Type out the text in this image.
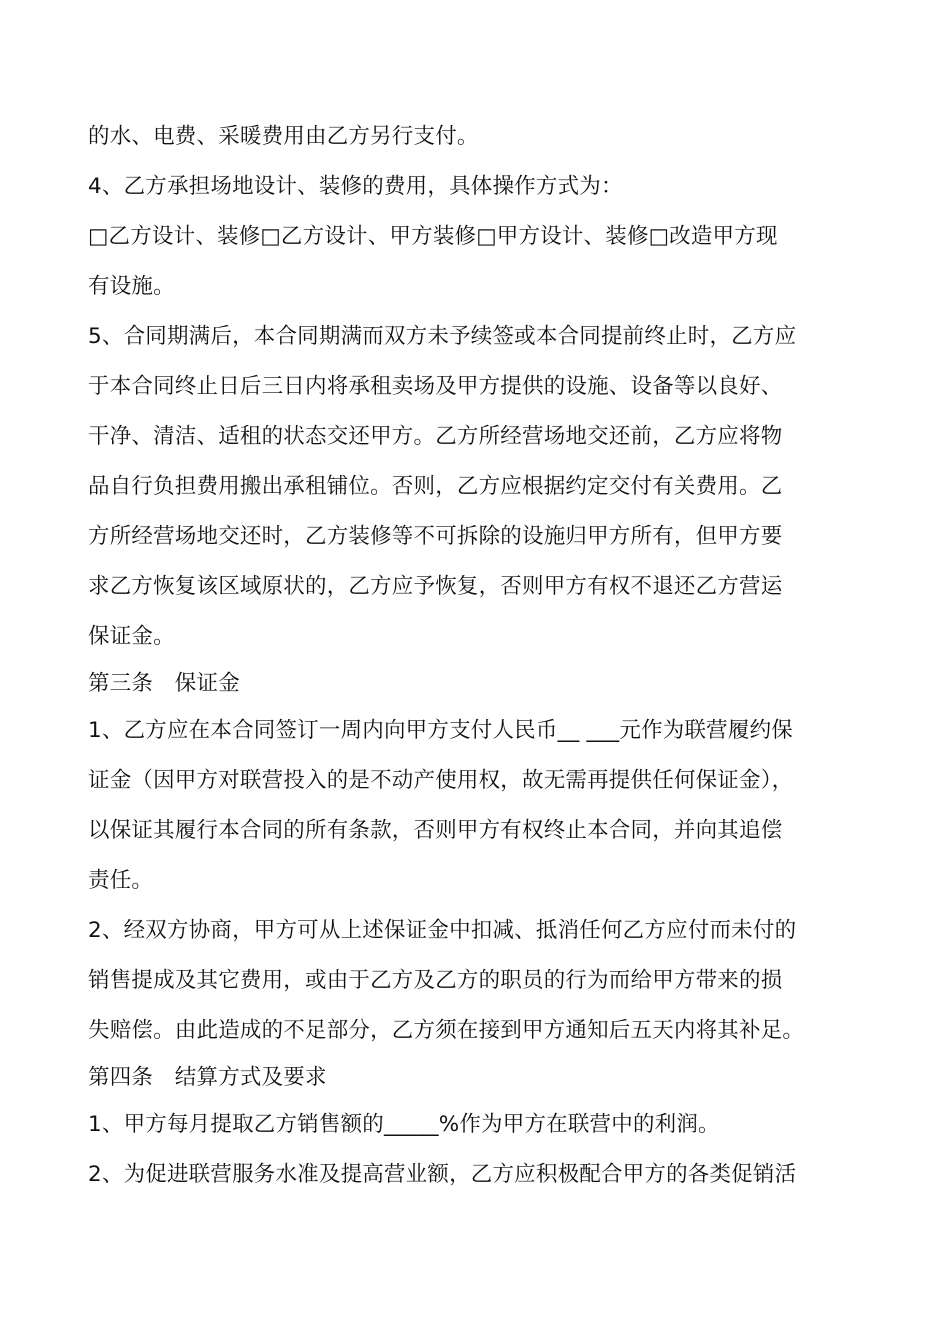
的水、电费、采暖费用由乙方另行支付。
4、乙方承担场地设计、装修的费用，具体操作方式为：
□乙方设计、装修□乙方设计、甲方装修□甲方设计、装修□改造甲方现
有设施。
5、合同期满后，本合同期满而双方未予续签或本合同提前终止时，乙方应
于本合同终止日后三日内将承租卖场及甲方提供的设施、设备等以良好、
干净、清洁、适租的状态交还甲方。乙方所经营场地交还前，乙方应将物
品自行负担费用搬出承租铺位。否则，乙方应根据约定交付有关费用。乙
方所经营场地交还时，乙方装修等不可拆除的设施归甲方所有，但甲方要
求乙方恢复该区域原状的，乙方应予恢复，否则甲方有权不退还乙方营运
保证金。
第三条　保证金
1、乙方应在本合同签订一周内向甲方支付人民币__ ___元作为联营履约保
证金（因甲方对联营投入的是不动产使用权，故无需再提供任何保证金），
以保证其履行本合同的所有条款，否则甲方有权终止本合同，并向其追偿
责任。
2、经双方协商，甲方可从上述保证金中扣减、抵消任何乙方应付而未付的
销售提成及其它费用，或由于乙方及乙方的职员的行为而给甲方带来的损
失赔偿。由此造成的不足部分，乙方须在接到甲方通知后五天内将其补足。
第四条　结算方式及要求
1、甲方每月提取乙方销售额的_____%作为甲方在联营中的利润。
2、为促进联营服务水准及提高营业额，乙方应积极配合甲方的各类促销活
